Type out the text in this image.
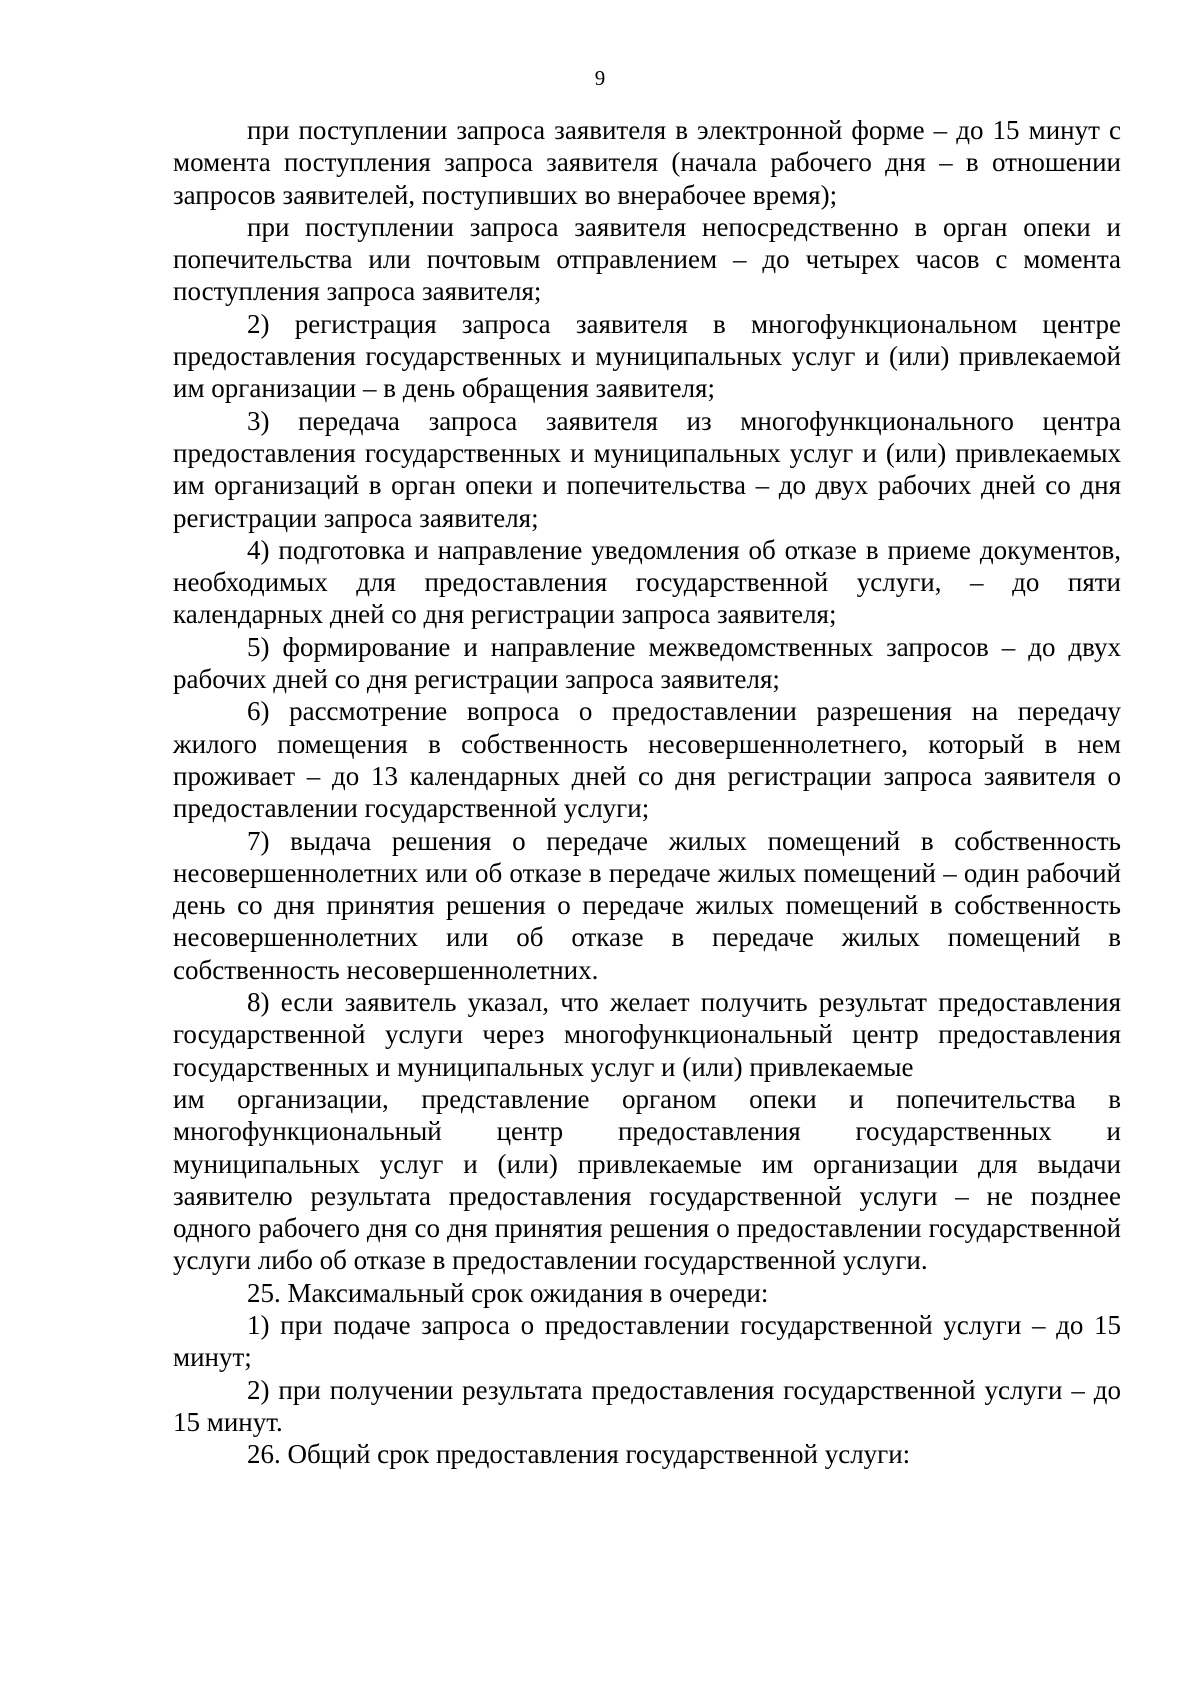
9

при поступлении запроса заявителя в электронной форме – до 15 минут с момента поступления запроса заявителя (начала рабочего дня – в отношении запросов заявителей, поступивших во внерабочее время);

при поступлении запроса заявителя непосредственно в орган опеки и попечительства или почтовым отправлением – до четырех часов с момента поступления запроса заявителя;

2) регистрация запроса заявителя в многофункциональном центре предоставления государственных и муниципальных услуг и (или) привлекаемой им организации – в день обращения заявителя;

3) передача запроса заявителя из многофункционального центра предоставления государственных и муниципальных услуг и (или) привлекаемых им организаций в орган опеки и попечительства – до двух рабочих дней со дня регистрации запроса заявителя;

4) подготовка и направление уведомления об отказе в приеме документов, необходимых для предоставления государственной услуги, – до пяти календарных дней со дня регистрации запроса заявителя;

5) формирование и направление межведомственных запросов – до двух рабочих дней со дня регистрации запроса заявителя;

6) рассмотрение вопроса о предоставлении разрешения на передачу жилого помещения в собственность несовершеннолетнего, который в нем проживает – до 13 календарных дней со дня регистрации запроса заявителя о предоставлении государственной услуги;

7) выдача решения о передаче жилых помещений в собственность несовершеннолетних или об отказе в передаче жилых помещений – один рабочий день со дня принятия решения о передаче жилых помещений в собственность несовершеннолетних или об отказе в передаче жилых помещений в собственность несовершеннолетних.

8) если заявитель указал, что желает получить результат предоставления государственной услуги через многофункциональный центр предоставления государственных и муниципальных услуг и (или) привлекаемые

им организации, представление органом опеки и попечительства в многофункциональный центр предоставления государственных и муниципальных услуг и (или) привлекаемые им организации для выдачи заявителю результата предоставления государственной услуги – не позднее одного рабочего дня со дня принятия решения о предоставлении государственной услуги либо об отказе в предоставлении государственной услуги.

25. Максимальный срок ожидания в очереди:

1) при подаче запроса о предоставлении государственной услуги – до 15 минут;

2) при получении результата предоставления государственной услуги – до 15 минут.

26. Общий срок предоставления государственной услуги:
